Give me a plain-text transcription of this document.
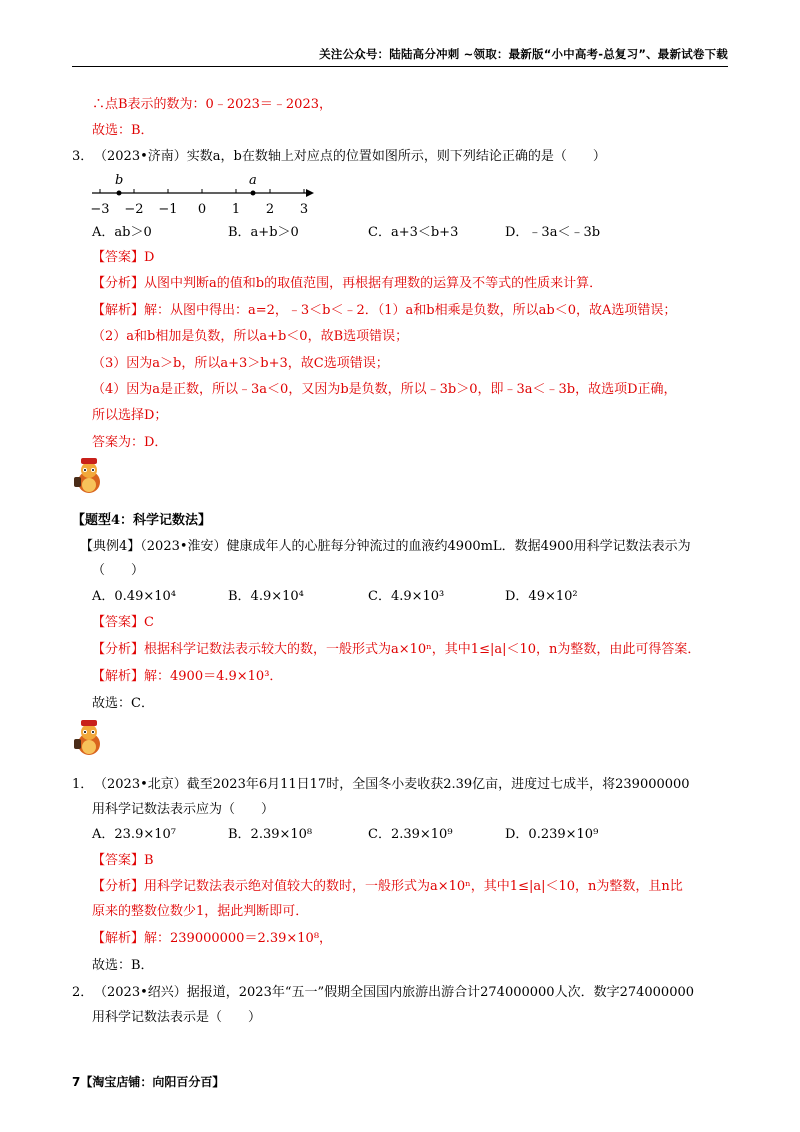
关注公众号：陆陆高分冲刺 ~领取：最新版“小中高考-总复习”、最新试卷下载
∴点B表示的数为：0﹣2023＝﹣2023，
故选：B．
3． （2023•济南）实数a，b在数轴上对应点的位置如图所示，则下列结论正确的是（　　）
−3 −2 −1 0 1 2 3
b	a
A．ab＞0	B．a+b＞0	C．a+3＜b+3	D．﹣3a＜﹣3b
【答案】D
【分析】从图中判断a的值和b的取值范围，再根据有理数的运算及不等式的性质来计算．
【解析】解：从图中得出：a=2，﹣3＜b＜﹣2．（1）a和b相乘是负数，所以ab＜0，故A选项错误；
（2）a和b相加是负数，所以a+b＜0，故B选项错误；
（3）因为a＞b，所以a+3＞b+3，故C选项错误；
（4）因为a是正数，所以﹣3a＜0，又因为b是负数，所以﹣3b＞0，即﹣3a＜﹣3b，故选项D正确，
所以选择D；
答案为：D．
【题型4：科学记数法】
【典例4】（2023•淮安）健康成年人的心脏每分钟流过的血液约4900mL．数据4900用科学记数法表示为
（　　）
A．0.49×10⁴	B．4.9×10⁴	C．4.9×10³	D．49×10²
【答案】C
【分析】根据科学记数法表示较大的数，一般形式为a×10ⁿ，其中1≤|a|＜10，n为整数，由此可得答案．
【解析】解：4900＝4.9×10³．
故选：C．
1． （2023•北京）截至2023年6月11日17时，全国冬小麦收获2.39亿亩，进度过七成半，将239000000
用科学记数法表示应为（　　）
A．23.9×10⁷	B．2.39×10⁸	C．2.39×10⁹	D．0.239×10⁹
【答案】B
【分析】用科学记数法表示绝对值较大的数时，一般形式为a×10ⁿ，其中1≤|a|＜10，n为整数，且n比
原来的整数位数少1，据此判断即可．
【解析】解：239000000＝2.39×10⁸，
故选：B．
2． （2023•绍兴）据报道，2023年“五一”假期全国国内旅游出游合计274000000人次．数字274000000
用科学记数法表示是（　　）
7【淘宝店铺：向阳百分百】
